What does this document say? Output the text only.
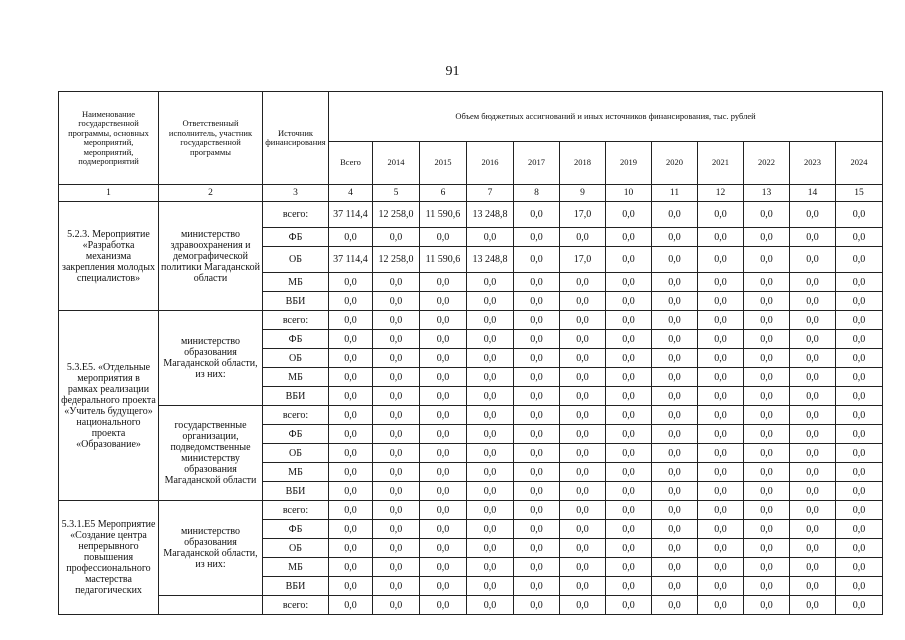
91
Наименование государственной программы, основных мероприятий, мероприятий, подмероприятий	Ответственный исполнитель, участник государственной программы	Источник финансирования	Объем бюджетных ассигнований и иных источников финансирования, тыс. рублей											
			Всего	2014	2015	2016	2017	2018	2019	2020	2021	2022	2023	2024
1	2	3	4	5	6	7	8	9	10	11	12	13	14	15
5.2.3. Мероприятие «Разработка механизма закрепления молодых специалистов»	министерство здравоохранения и демографической политики Магаданской области	всего:	37 114,4	12 258,0	11 590,6	13 248,8	0,0	17,0	0,0	0,0	0,0	0,0	0,0	0,0
		ФБ	0,0	0,0	0,0	0,0	0,0	0,0	0,0	0,0	0,0	0,0	0,0	0,0
		ОБ	37 114,4	12 258,0	11 590,6	13 248,8	0,0	17,0	0,0	0,0	0,0	0,0	0,0	0,0
		МБ	0,0	0,0	0,0	0,0	0,0	0,0	0,0	0,0	0,0	0,0	0,0	0,0
		ВБИ	0,0	0,0	0,0	0,0	0,0	0,0	0,0	0,0	0,0	0,0	0,0	0,0
5.3.Е5. «Отдельные мероприятия в рамках реализации федерального проекта «Учитель будущего» национального проекта «Образование»	министерство образования Магаданской области, из них:	всего:	0,0	0,0	0,0	0,0	0,0	0,0	0,0	0,0	0,0	0,0	0,0	0,0
		ФБ	0,0	0,0	0,0	0,0	0,0	0,0	0,0	0,0	0,0	0,0	0,0	0,0
		ОБ	0,0	0,0	0,0	0,0	0,0	0,0	0,0	0,0	0,0	0,0	0,0	0,0
		МБ	0,0	0,0	0,0	0,0	0,0	0,0	0,0	0,0	0,0	0,0	0,0	0,0
		ВБИ	0,0	0,0	0,0	0,0	0,0	0,0	0,0	0,0	0,0	0,0	0,0	0,0
	государственные организации, подведомственные министерству образования Магаданской области	всего:	0,0	0,0	0,0	0,0	0,0	0,0	0,0	0,0	0,0	0,0	0,0	0,0
		ФБ	0,0	0,0	0,0	0,0	0,0	0,0	0,0	0,0	0,0	0,0	0,0	0,0
		ОБ	0,0	0,0	0,0	0,0	0,0	0,0	0,0	0,0	0,0	0,0	0,0	0,0
		МБ	0,0	0,0	0,0	0,0	0,0	0,0	0,0	0,0	0,0	0,0	0,0	0,0
		ВБИ	0,0	0,0	0,0	0,0	0,0	0,0	0,0	0,0	0,0	0,0	0,0	0,0
5.3.1.Е5 Мероприятие «Создание центра непрерывного повышения профессионального мастерства педагогических	министерство образования Магаданской области, из них:	всего:	0,0	0,0	0,0	0,0	0,0	0,0	0,0	0,0	0,0	0,0	0,0	0,0
		ФБ	0,0	0,0	0,0	0,0	0,0	0,0	0,0	0,0	0,0	0,0	0,0	0,0
		ОБ	0,0	0,0	0,0	0,0	0,0	0,0	0,0	0,0	0,0	0,0	0,0	0,0
		МБ	0,0	0,0	0,0	0,0	0,0	0,0	0,0	0,0	0,0	0,0	0,0	0,0
		ВБИ	0,0	0,0	0,0	0,0	0,0	0,0	0,0	0,0	0,0	0,0	0,0	0,0
		всего:	0,0	0,0	0,0	0,0	0,0	0,0	0,0	0,0	0,0	0,0	0,0	0,0
